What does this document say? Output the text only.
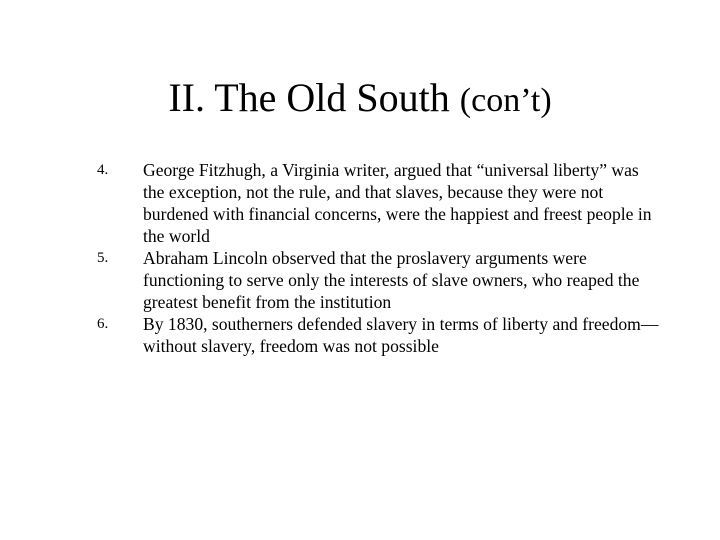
II. The Old South (con’t)
4. George Fitzhugh, a Virginia writer, argued that “universal liberty” was the exception, not the rule, and that slaves, because they were not burdened with financial concerns, were the happiest and freest people in the world
5. Abraham Lincoln observed that the proslavery arguments were functioning to serve only the interests of slave owners, who reaped the greatest benefit from the institution
6. By 1830, southerners defended slavery in terms of liberty and freedom—without slavery, freedom was not possible
